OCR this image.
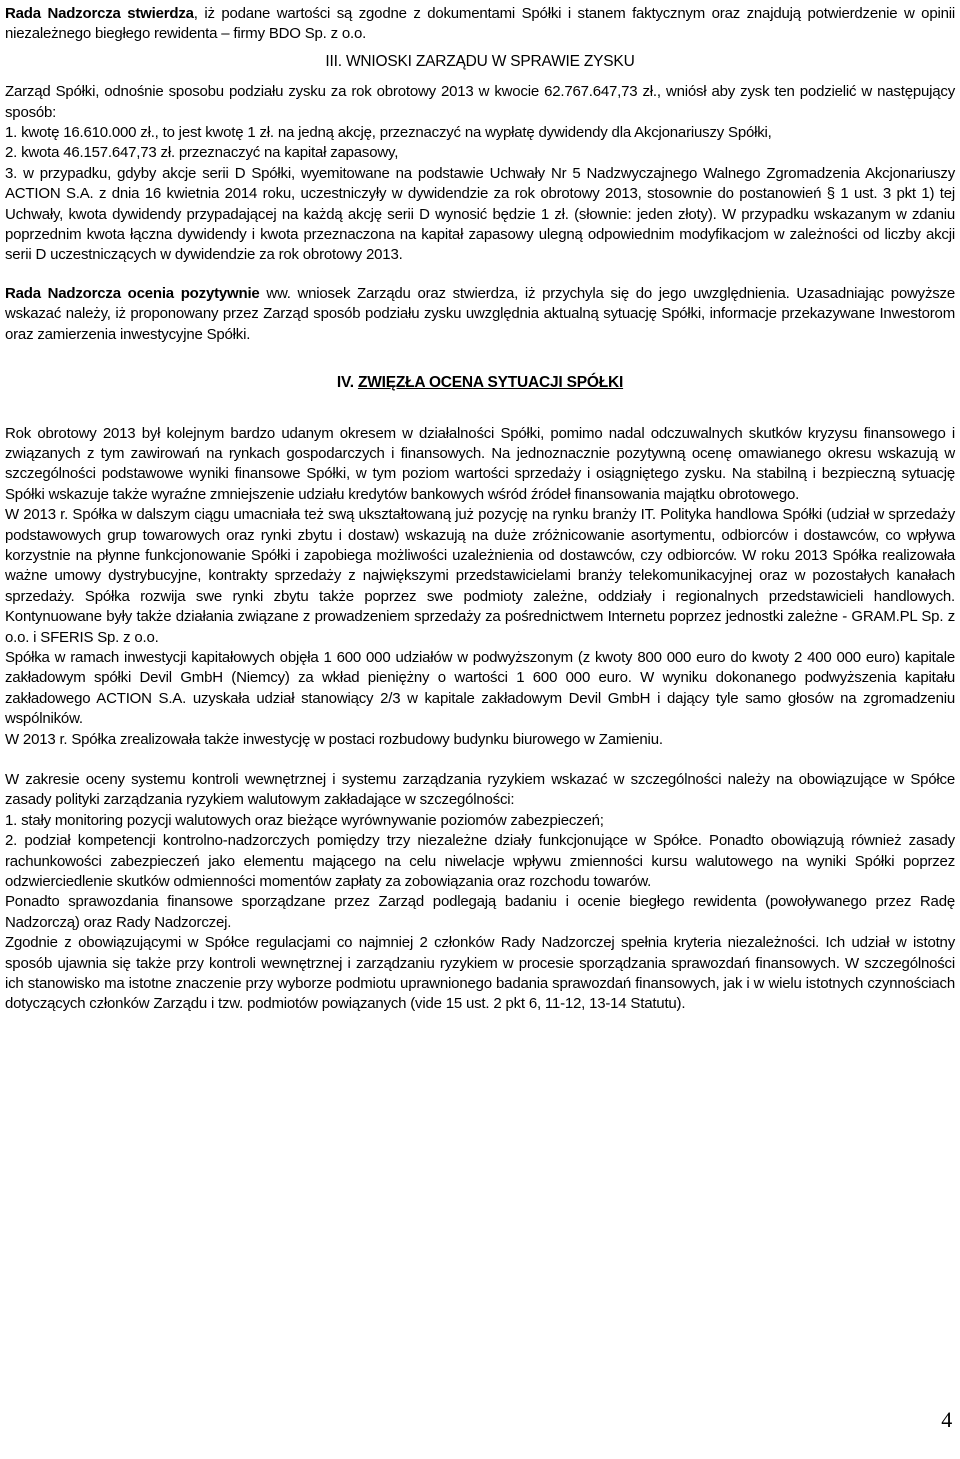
Rada Nadzorcza stwierdza, iż podane wartości są zgodne z dokumentami Spółki i stanem faktycznym oraz znajdują potwierdzenie w opinii niezależnego biegłego rewidenta – firmy BDO Sp. z o.o.

III. WNIOSKI ZARZĄDU W SPRAWIE ZYSKU

Zarząd Spółki, odnośnie sposobu podziału zysku za rok obrotowy 2013 w kwocie 62.767.647,73 zł., wniósł aby zysk ten podzielić w następujący sposób:

1. kwotę 16.610.000 zł., to jest kwotę 1 zł. na jedną akcję, przeznaczyć na wypłatę dywidendy dla Akcjonariuszy Spółki,

2. kwota 46.157.647,73 zł. przeznaczyć na kapitał zapasowy,

3. w przypadku, gdyby akcje serii D Spółki, wyemitowane na podstawie Uchwały Nr 5 Nadzwyczajnego Walnego Zgromadzenia Akcjonariuszy ACTION S.A. z dnia 16 kwietnia 2014 roku, uczestniczyły w dywidendzie za rok obrotowy 2013, stosownie do postanowień § 1 ust. 3 pkt 1) tej Uchwały, kwota dywidendy przypadającej na każdą akcję serii D wynosić będzie 1 zł. (słownie: jeden złoty). W przypadku wskazanym w zdaniu poprzednim kwota łączna dywidendy i kwota przeznaczona na kapitał zapasowy ulegną odpowiednim modyfikacjom w zależności od liczby akcji serii D uczestniczących w dywidendzie za rok obrotowy 2013.

Rada Nadzorcza ocenia pozytywnie ww. wniosek Zarządu oraz stwierdza, iż przychyla się do jego uwzględnienia. Uzasadniając powyższe wskazać należy, iż proponowany przez Zarząd sposób podziału zysku uwzględnia aktualną sytuację Spółki, informacje przekazywane Inwestorom oraz zamierzenia inwestycyjne Spółki.

IV. ZWIĘZŁA OCENA SYTUACJI SPÓŁKI

Rok obrotowy 2013 był kolejnym bardzo udanym okresem w działalności Spółki, pomimo nadal odczuwalnych skutków kryzysu finansowego i związanych z tym zawirowań na rynkach gospodarczych i finansowych. Na jednoznacznie pozytywną ocenę omawianego okresu wskazują w szczególności podstawowe wyniki finansowe Spółki, w tym poziom wartości sprzedaży i osiągniętego zysku. Na stabilną i bezpieczną sytuację Spółki wskazuje także wyraźne zmniejszenie udziału kredytów bankowych wśród źródeł finansowania majątku obrotowego.

W 2013 r. Spółka w dalszym ciągu umacniała też swą ukształtowaną już pozycję na rynku branży IT. Polityka handlowa Spółki (udział w sprzedaży podstawowych grup towarowych oraz rynki zbytu i dostaw) wskazują na duże zróżnicowanie asortymentu, odbiorców i dostawców, co wpływa korzystnie na płynne funkcjonowanie Spółki i zapobiega możliwości uzależnienia od dostawców, czy odbiorców. W roku 2013 Spółka realizowała ważne umowy dystrybucyjne, kontrakty sprzedaży z największymi przedstawicielami branży telekomunikacyjnej oraz w pozostałych kanałach sprzedaży. Spółka rozwija swe rynki zbytu także poprzez swe podmioty zależne, oddziały i regionalnych przedstawicieli handlowych. Kontynuowane były także działania związane z prowadzeniem sprzedaży za pośrednictwem Internetu poprzez jednostki zależne - GRAM.PL Sp. z o.o. i SFERIS Sp. z o.o.

Spółka w ramach inwestycji kapitałowych objęła 1 600 000 udziałów w podwyższonym (z kwoty 800 000 euro do kwoty 2 400 000 euro) kapitale zakładowym spółki Devil GmbH (Niemcy) za wkład pieniężny o wartości 1 600 000 euro. W wyniku dokonanego podwyższenia kapitału zakładowego ACTION S.A. uzyskała udział stanowiący 2/3 w kapitale zakładowym Devil GmbH i dający tyle samo głosów na zgromadzeniu wspólników.

W 2013 r. Spółka zrealizowała także inwestycję w postaci rozbudowy budynku biurowego w Zamieniu.

W zakresie oceny systemu kontroli wewnętrznej i systemu zarządzania ryzykiem wskazać w szczególności należy na obowiązujące w Spółce zasady polityki zarządzania ryzykiem walutowym zakładające w szczególności:

1. stały monitoring pozycji walutowych oraz bieżące wyrównywanie poziomów zabezpieczeń;

2. podział kompetencji kontrolno-nadzorczych pomiędzy trzy niezależne działy funkcjonujące w Spółce. Ponadto obowiązują również zasady rachunkowości zabezpieczeń jako elementu mającego na celu niwelacje wpływu zmienności kursu walutowego na wyniki Spółki poprzez odzwierciedlenie skutków odmienności momentów zapłaty za zobowiązania oraz rozchodu towarów.

Ponadto sprawozdania finansowe sporządzane przez Zarząd podlegają badaniu i ocenie biegłego rewidenta (powoływanego przez Radę Nadzorczą) oraz Rady Nadzorczej.

Zgodnie z obowiązującymi w Spółce regulacjami co najmniej 2 członków Rady Nadzorczej spełnia kryteria niezależności. Ich udział w istotny sposób ujawnia się także przy kontroli wewnętrznej i zarządzaniu ryzykiem w procesie sporządzania sprawozdań finansowych. W szczególności ich stanowisko ma istotne znaczenie przy wyborze podmiotu uprawnionego badania sprawozdań finansowych, jak i w wielu istotnych czynnościach dotyczących członków Zarządu i tzw. podmiotów powiązanych (vide 15 ust. 2 pkt 6, 11-12, 13-14 Statutu).

4
